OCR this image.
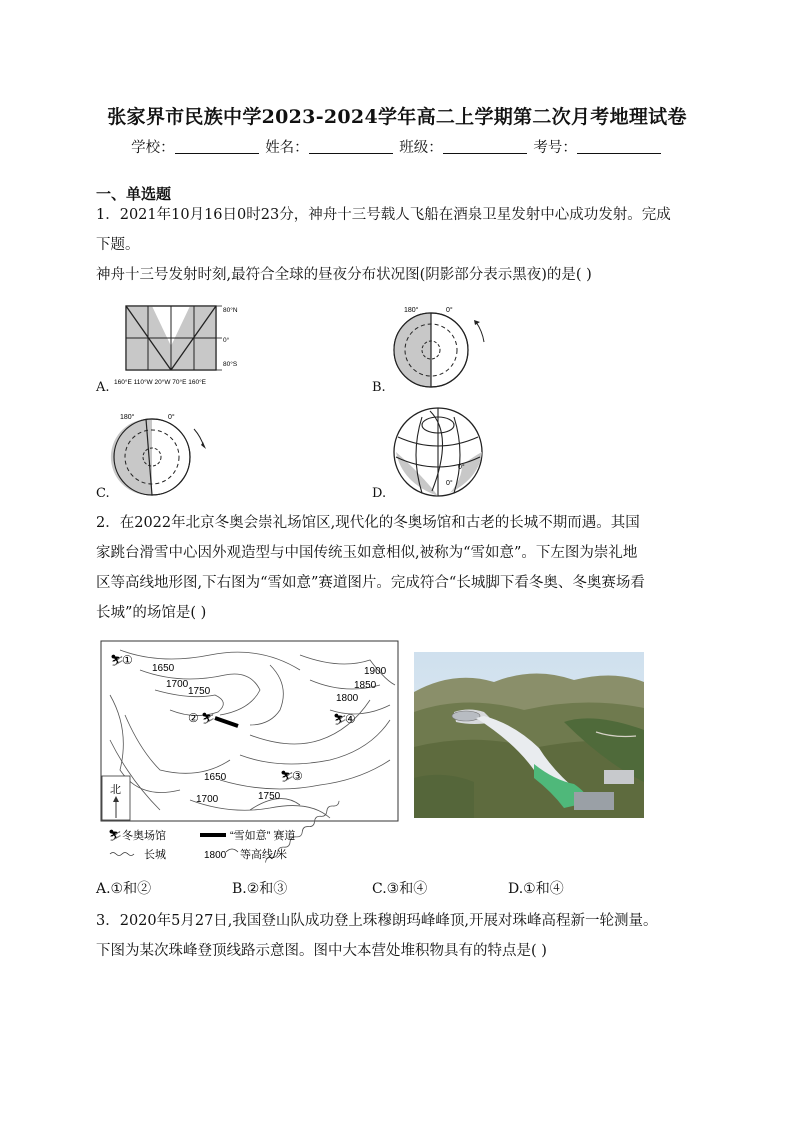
张家界市民族中学2023-2024学年高二上学期第二次月考地理试卷
学校：	姓名：	班级：	考号：
一、单选题
1．2021年10月16日0时23分，神舟十三号载人飞船在酒泉卫星发射中心成功发射。完成
下题。
神舟十三号发射时刻,最符合全球的昼夜分布状况图(阴影部分表示黑夜)的是( )
A.
80°N
0°
80°S
160°E 110°W 20°W 70°E 160°E	B.
180°	0°
C.
180°	0°
D.
0°
0°
2．在2022年北京冬奥会崇礼场馆区,现代化的冬奥场馆和古老的长城不期而遇。其国
家跳台滑雪中心因外观造型与中国传统玉如意相似,被称为“雪如意”。下左图为崇礼地
区等高线地形图,下右图为“雪如意”赛道图片。完成符合“长城脚下看冬奥、冬奥赛场看
长城”的场馆是( )
⛷
①
② ⛷	⛷
④
⛷
③
1650
1700
1750
1900
1850
1800
1650
1700	1750
北
⛷ 冬奥场馆	“雪如意” 赛道
长城	1800 等高线/米
A.①和②	B.②和③	C.③和④	D.①和④
3．2020年5月27日,我国登山队成功登上珠穆朗玛峰峰顶,开展对珠峰高程新一轮测量。
下图为某次珠峰登顶线路示意图。图中大本营处堆积物具有的特点是( )
